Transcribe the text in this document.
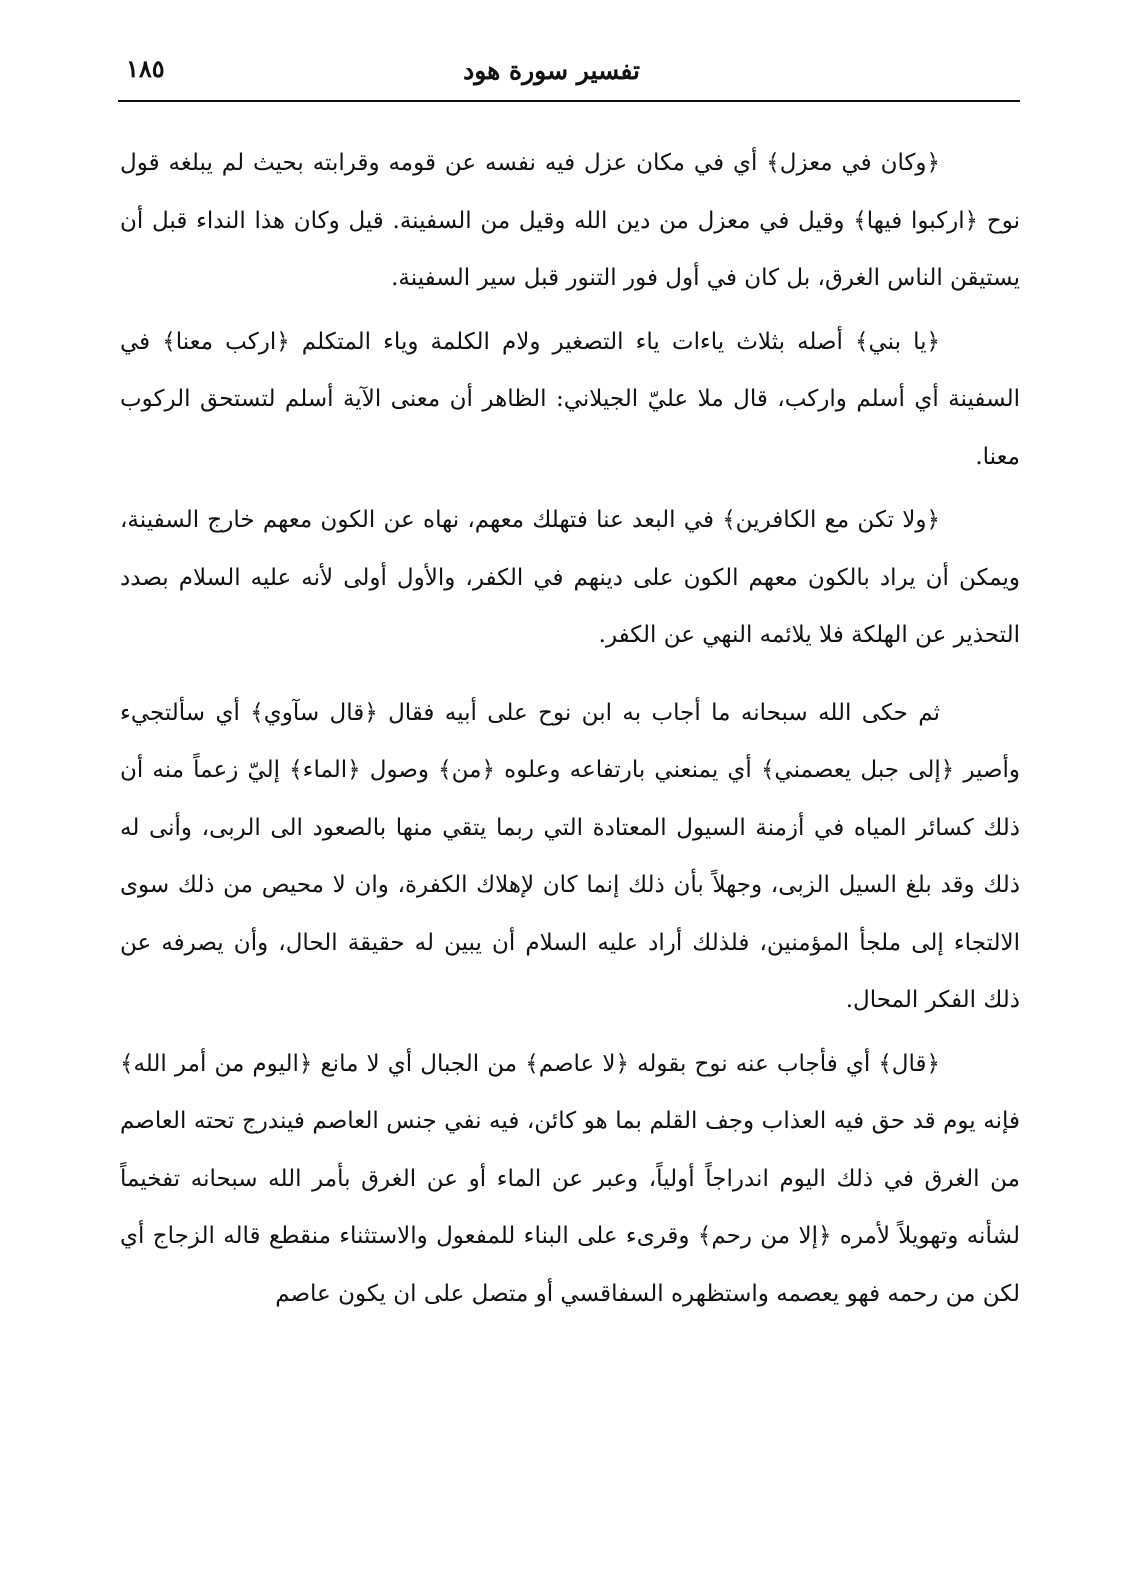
تفسير سورة هود
١٨٥

﴿وكان في معزل﴾ أي في مكان عزل فيه نفسه عن قومه وقرابته بحيث لم يبلغه قول نوح ﴿اركبوا فيها﴾ وقيل في معزل من دين الله وقيل من السفينة. قيل وكان هذا النداء قبل أن يستيقن الناس الغرق، بل كان في أول فور التنور قبل سير السفينة.

﴿يا بني﴾ أصله بثلاث ياءات ياء التصغير ولام الكلمة وياء المتكلم ﴿اركب معنا﴾ في السفينة أي أسلم واركب، قال ملا عليّ الجيلاني: الظاهر أن معنى الآية أسلم لتستحق الركوب معنا.

﴿ولا تكن مع الكافرين﴾ في البعد عنا فتهلك معهم، نهاه عن الكون معهم خارج السفينة، ويمكن أن يراد بالكون معهم الكون على دينهم في الكفر، والأول أولى لأنه عليه السلام بصدد التحذير عن الهلكة فلا يلائمه النهي عن الكفر.

ثم حكى الله سبحانه ما أجاب به ابن نوح على أبيه فقال ﴿قال سآوي﴾ أي سألتجيء وأصير ﴿إلى جبل يعصمني﴾ أي يمنعني بارتفاعه وعلوه ﴿من﴾ وصول ﴿الماء﴾ إليّ زعماً منه أن ذلك كسائر المياه في أزمنة السيول المعتادة التي ربما يتقي منها بالصعود الى الربى، وأنى له ذلك وقد بلغ السيل الزبى، وجهلاً بأن ذلك إنما كان لإهلاك الكفرة، وان لا محيص من ذلك سوى الالتجاء إلى ملجأ المؤمنين، فلذلك أراد عليه السلام أن يبين له حقيقة الحال، وأن يصرفه عن ذلك الفكر المحال.

﴿قال﴾ أي فأجاب عنه نوح بقوله ﴿لا عاصم﴾ من الجبال أي لا مانع ﴿اليوم من أمر الله﴾ فإنه يوم قد حق فيه العذاب وجف القلم بما هو كائن، فيه نفي جنس العاصم فيندرج تحته العاصم من الغرق في ذلك اليوم اندراجاً أولياً، وعبر عن الماء أو عن الغرق بأمر الله سبحانه تفخيماً لشأنه وتهويلاً لأمره ﴿إلا من رحم﴾ وقرىء على البناء للمفعول والاستثناء منقطع قاله الزجاج أي لكن من رحمه فهو يعصمه واستظهره السفاقسي أو متصل على ان يكون عاصم
